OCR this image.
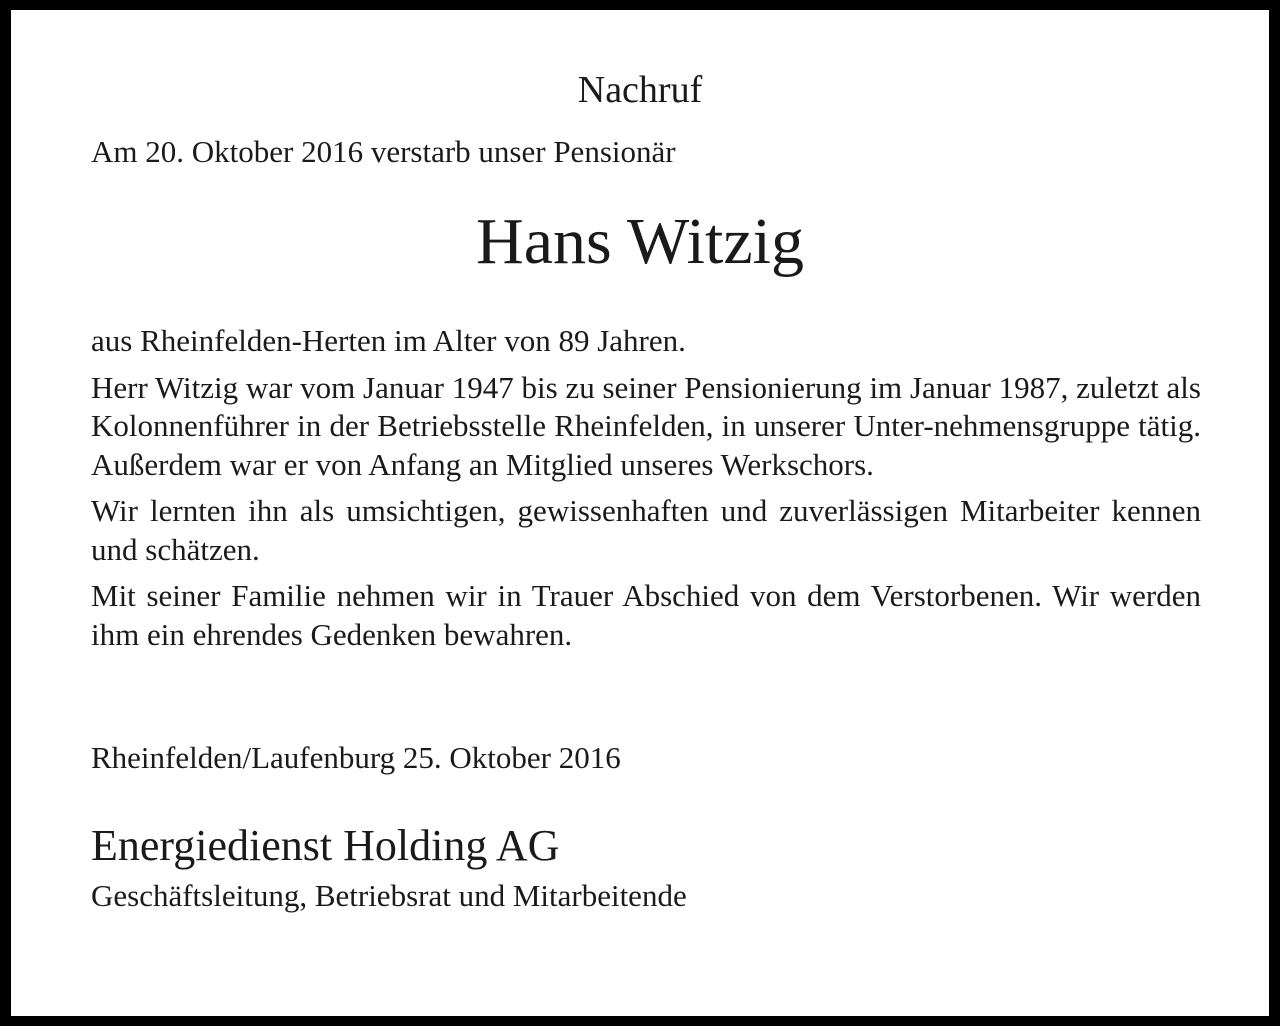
Nachruf

Am 20. Oktober 2016 verstarb unser Pensionär

Hans Witzig

aus Rheinfelden-Herten im Alter von 89 Jahren.

Herr Witzig war vom Januar 1947 bis zu seiner Pensionierung im Januar 1987, zuletzt als Kolonnenführer in der Betriebsstelle Rheinfelden, in unserer Unter-nehmensgruppe tätig. Außerdem war er von Anfang an Mitglied unseres Werkschors.

Wir lernten ihn als umsichtigen, gewissenhaften und zuverlässigen Mitarbeiter kennen und schätzen.

Mit seiner Familie nehmen wir in Trauer Abschied von dem Verstorbenen. Wir werden ihm ein ehrendes Gedenken bewahren.

Rheinfelden/Laufenburg 25. Oktober 2016

Energiedienst Holding AG

Geschäftsleitung, Betriebsrat und Mitarbeitende
